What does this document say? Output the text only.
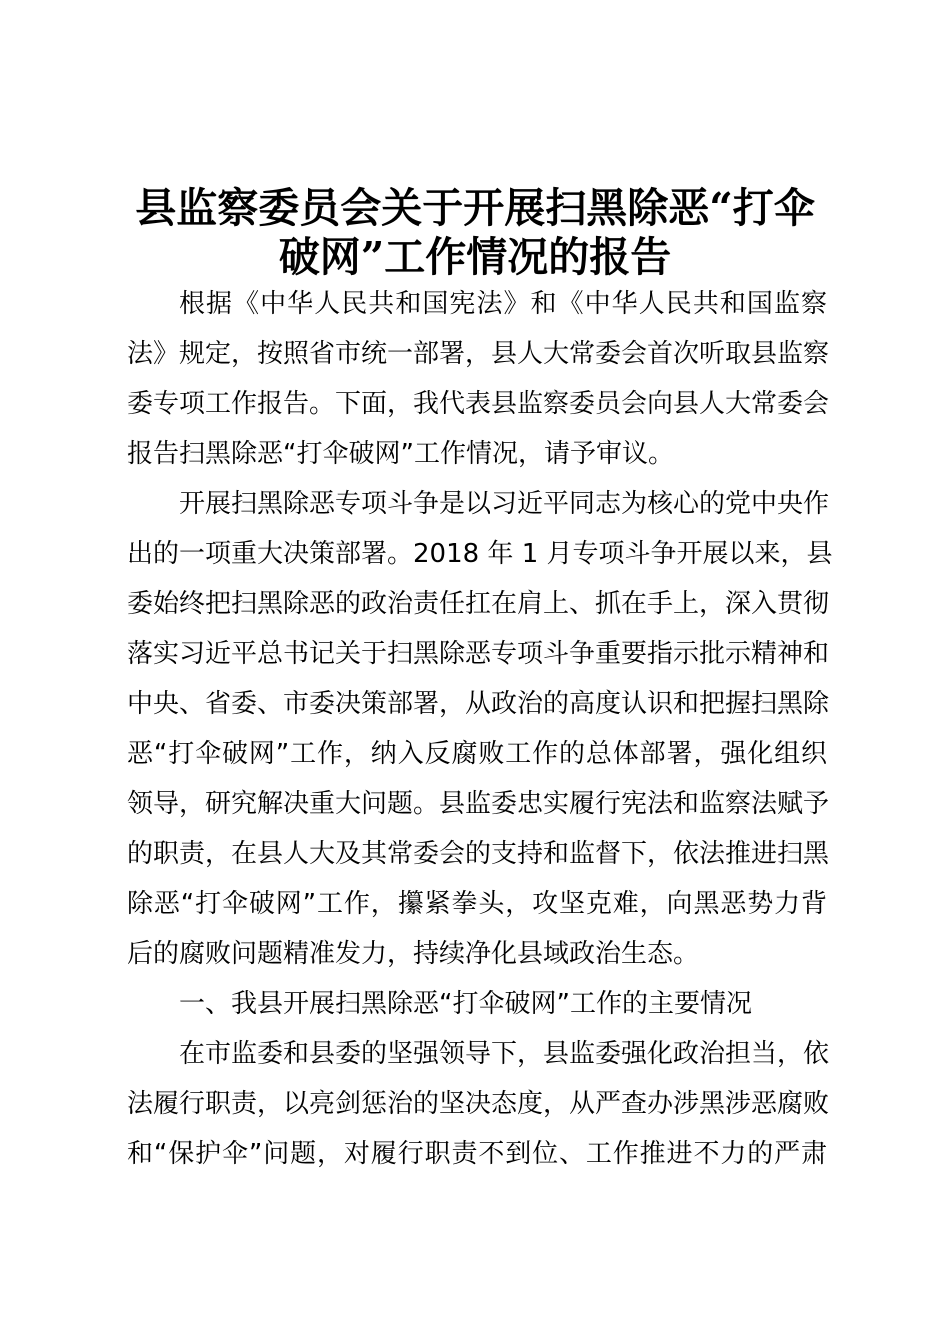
县监察委员会关于开展扫黑除恶“打伞
破网”工作情况的报告

根据《中华人民共和国宪法》和《中华人民共和国监察

法》规定，按照省市统一部署，县人大常委会首次听取县监察

委专项工作报告。下面，我代表县监察委员会向县人大常委会

报告扫黑除恶“打伞破网”工作情况，请予审议。

开展扫黑除恶专项斗争是以习近平同志为核心的党中央作

出的一项重大决策部署。2018 年 1 月专项斗争开展以来，县

委始终把扫黑除恶的政治责任扛在肩上、抓在手上，深入贯彻

落实习近平总书记关于扫黑除恶专项斗争重要指示批示精神和

中央、省委、市委决策部署，从政治的高度认识和把握扫黑除

恶“打伞破网”工作，纳入反腐败工作的总体部署，强化组织

领导，研究解决重大问题。县监委忠实履行宪法和监察法赋予

的职责，在县人大及其常委会的支持和监督下，依法推进扫黑

除恶“打伞破网”工作，攥紧拳头，攻坚克难，向黑恶势力背

后的腐败问题精准发力，持续净化县域政治生态。

一、我县开展扫黑除恶“打伞破网”工作的主要情况

在市监委和县委的坚强领导下，县监委强化政治担当，依

法履行职责，以亮剑惩治的坚决态度，从严查办涉黑涉恶腐败

和“保护伞”问题，对履行职责不到位、工作推进不力的严肃
